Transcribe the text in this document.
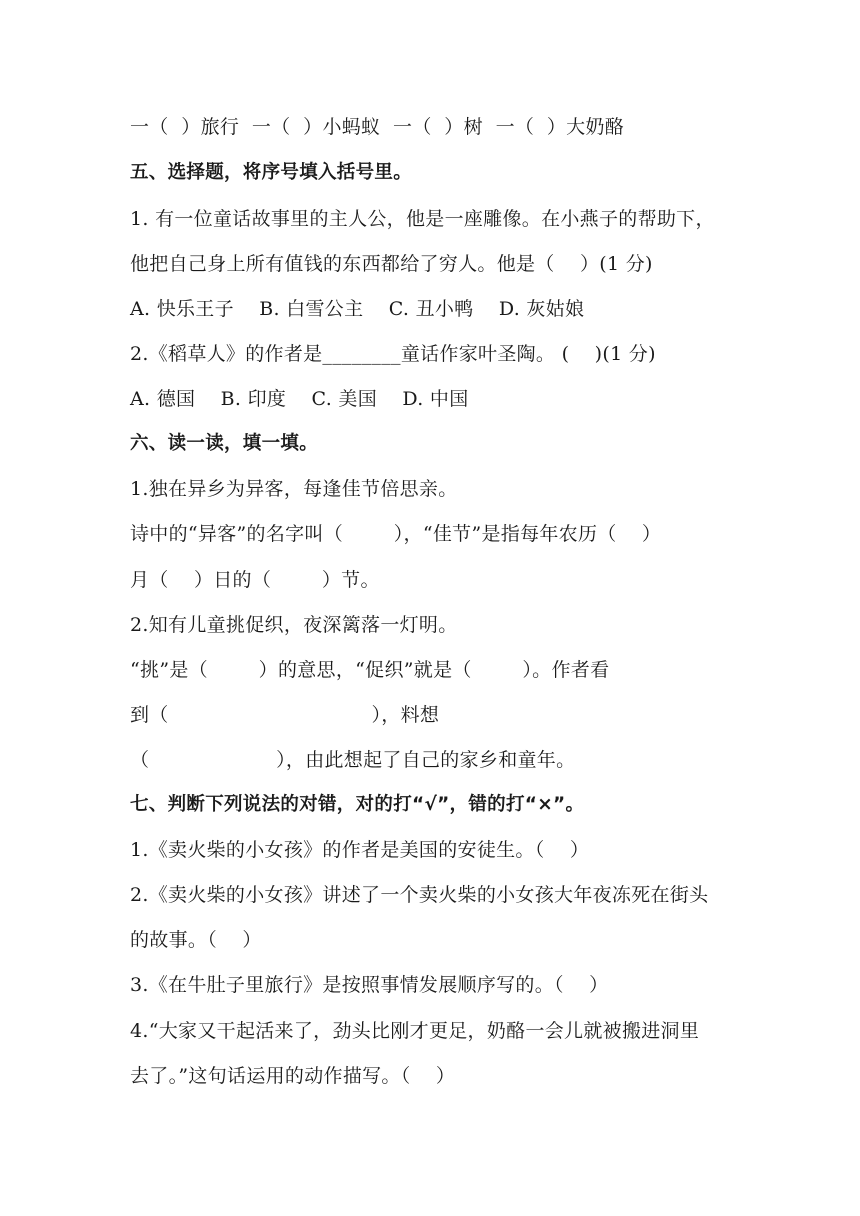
一（  ）旅行  一（  ）小蚂蚁  一（  ）树  一（  ）大奶酪
五、选择题，将序号填入括号里。
1. 有一位童话故事里的主人公，他是一座雕像。在小燕子的帮助下，
他把自己身上所有值钱的东西都给了穷人。他是（    ）(1 分)
A. 快乐王子    B. 白雪公主    C. 丑小鸭    D. 灰姑娘
2.《稻草人》的作者是________童话作家叶圣陶。 (    )(1 分)
A. 德国    B. 印度    C. 美国    D. 中国
六、读一读，填一填。
1.独在异乡为异客，每逢佳节倍思亲。
诗中的“异客”的名字叫（        ），“佳节”是指每年农历（    ）
月（    ）日的（        ）节。
2.知有儿童挑促织，夜深篱落一灯明。
“挑”是（        ）的意思，“促织”就是（        ）。作者看
到（                                ），料想
（                    ），由此想起了自己的家乡和童年。
七、判断下列说法的对错，对的打“√”，错的打“×”。
1.《卖火柴的小女孩》的作者是美国的安徒生。（    ）
2.《卖火柴的小女孩》讲述了一个卖火柴的小女孩大年夜冻死在街头
的故事。（    ）
3.《在牛肚子里旅行》是按照事情发展顺序写的。（    ）
4.“大家又干起活来了，劲头比刚才更足，奶酪一会儿就被搬进洞里
去了。”这句话运用的动作描写。（    ）
